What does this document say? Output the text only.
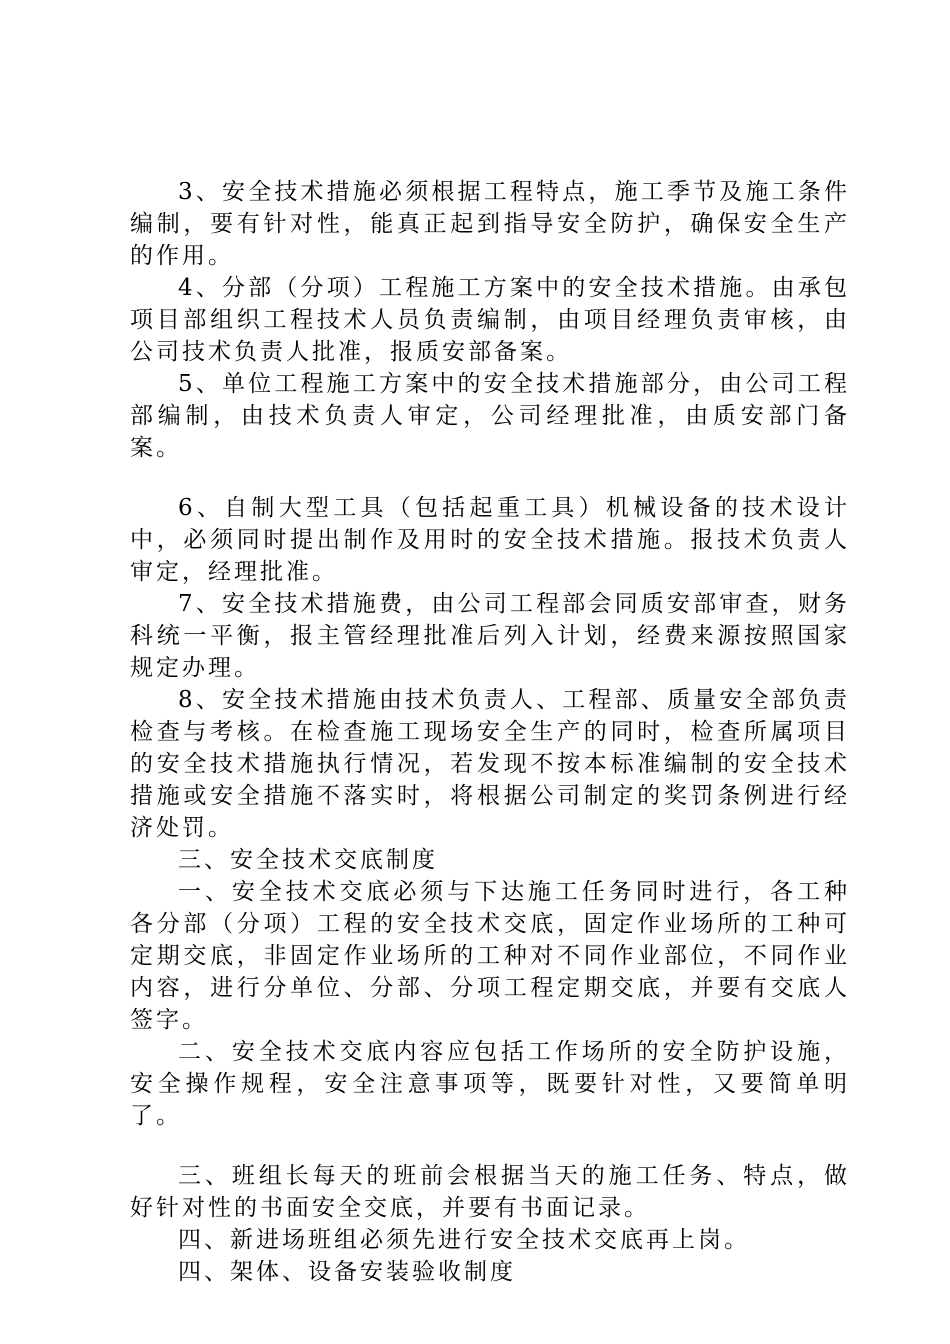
3、安全技术措施必须根据工程特点，施工季节及施工条件编制，要有针对性，能真正起到指导安全防护，确保安全生产的作用。

4、分部（分项）工程施工方案中的安全技术措施。由承包项目部组织工程技术人员负责编制，由项目经理负责审核，由公司技术负责人批准，报质安部备案。

5、单位工程施工方案中的安全技术措施部分，由公司工程部编制，由技术负责人审定，公司经理批准，由质安部门备案。

6、自制大型工具（包括起重工具）机械设备的技术设计中，必须同时提出制作及用时的安全技术措施。报技术负责人审定，经理批准。

7、安全技术措施费，由公司工程部会同质安部审查，财务科统一平衡，报主管经理批准后列入计划，经费来源按照国家规定办理。

8、安全技术措施由技术负责人、工程部、质量安全部负责检查与考核。在检查施工现场安全生产的同时，检查所属项目的安全技术措施执行情况，若发现不按本标准编制的安全技术措施或安全措施不落实时，将根据公司制定的奖罚条例进行经济处罚。

三、安全技术交底制度

一、安全技术交底必须与下达施工任务同时进行，各工种各分部（分项）工程的安全技术交底，固定作业场所的工种可定期交底，非固定作业场所的工种对不同作业部位，不同作业内容，进行分单位、分部、分项工程定期交底，并要有交底人签字。

二、安全技术交底内容应包括工作场所的安全防护设施，安全操作规程，安全注意事项等，既要针对性，又要简单明了。

三、班组长每天的班前会根据当天的施工任务、特点，做好针对性的书面安全交底，并要有书面记录。

四、新进场班组必须先进行安全技术交底再上岗。

四、架体、设备安装验收制度
